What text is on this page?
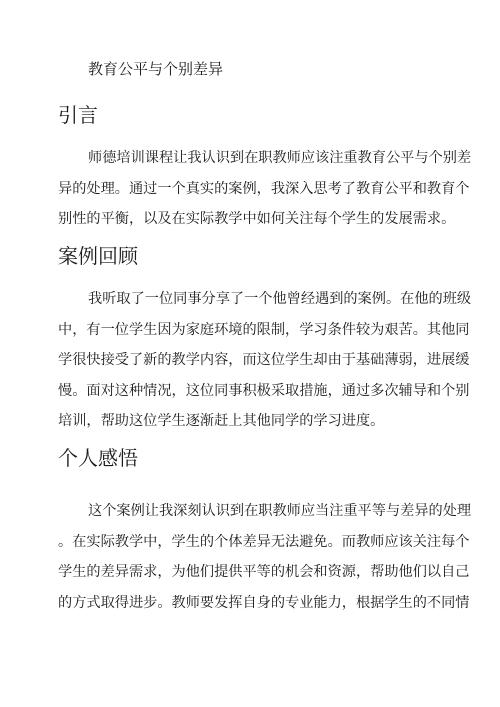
教育公平与个别差异
引言
师德培训课程让我认识到在职教师应该注重教育公平与个别差
异的处理。通过一个真实的案例，我深入思考了教育公平和教育个
别性的平衡，以及在实际教学中如何关注每个学生的发展需求。
案例回顾
我听取了一位同事分享了一个他曾经遇到的案例。在他的班级
中，有一位学生因为家庭环境的限制，学习条件较为艰苦。其他同
学很快接受了新的教学内容，而这位学生却由于基础薄弱，进展缓
慢。面对这种情况，这位同事积极采取措施，通过多次辅导和个别
培训，帮助这位学生逐渐赶上其他同学的学习进度。
个人感悟
这个案例让我深刻认识到在职教师应当注重平等与差异的处理
。在实际教学中，学生的个体差异无法避免。而教师应该关注每个
学生的差异需求，为他们提供平等的机会和资源，帮助他们以自己
的方式取得进步。教师要发挥自身的专业能力，根据学生的不同情
